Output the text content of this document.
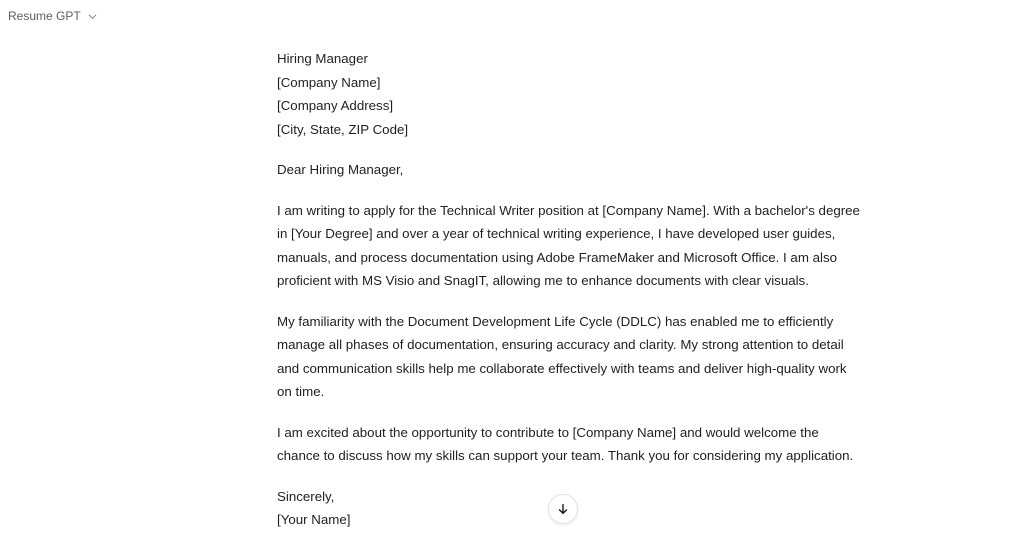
Resume GPT

Hiring Manager
[Company Name]
[Company Address]
[City, State, ZIP Code]

Dear Hiring Manager,

I am writing to apply for the Technical Writer position at [Company Name]. With a bachelor's degree
in [Your Degree] and over a year of technical writing experience, I have developed user guides,
manuals, and process documentation using Adobe FrameMaker and Microsoft Office. I am also
proficient with MS Visio and SnagIT, allowing me to enhance documents with clear visuals.

My familiarity with the Document Development Life Cycle (DDLC) has enabled me to efficiently
manage all phases of documentation, ensuring accuracy and clarity. My strong attention to detail
and communication skills help me collaborate effectively with teams and deliver high-quality work
on time.

I am excited about the opportunity to contribute to [Company Name] and would welcome the
chance to discuss how my skills can support your team. Thank you for considering my application.

Sincerely,
[Your Name]
